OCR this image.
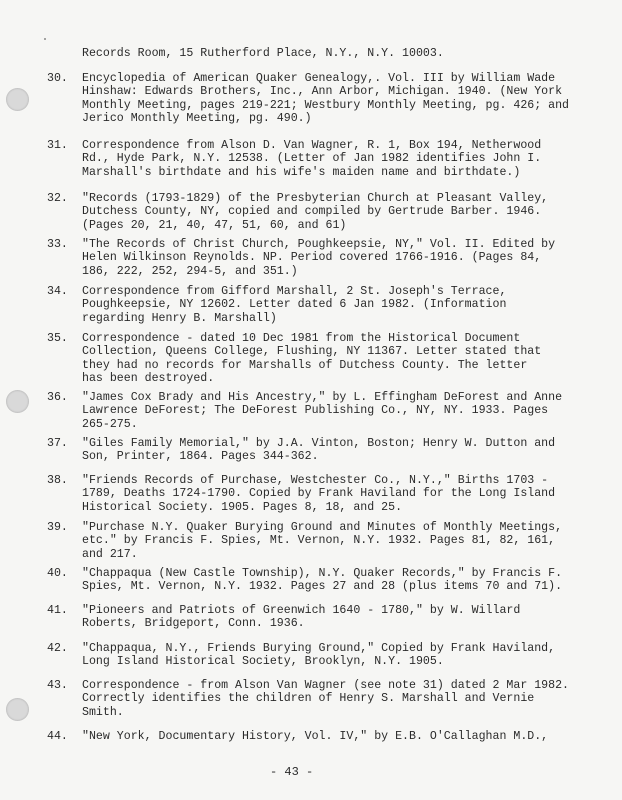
Records Room, 15 Rutherford Place, N.Y., N.Y. 10003.
30.	Encyclopedia of American Quaker Genealogy,. Vol. III by William Wade
Hinshaw: Edwards Brothers, Inc., Ann Arbor, Michigan. 1940. (New York
Monthly Meeting, pages 219-221; Westbury Monthly Meeting, pg. 426; and
Jerico Monthly Meeting, pg. 490.)
31.	Correspondence from Alson D. Van Wagner, R. 1, Box 194, Netherwood
Rd., Hyde Park, N.Y. 12538. (Letter of Jan 1982 identifies John I.
Marshall's birthdate and his wife's maiden name and birthdate.)
32.	"Records (1793-1829) of the Presbyterian Church at Pleasant Valley,
Dutchess County, NY, copied and compiled by Gertrude Barber. 1946.
(Pages 20, 21, 40, 47, 51, 60, and 61)
33.	"The Records of Christ Church, Poughkeepsie, NY," Vol. II. Edited by
Helen Wilkinson Reynolds. NP. Period covered 1766-1916. (Pages 84,
186, 222, 252, 294-5, and 351.)
34.	Correspondence from Gifford Marshall, 2 St. Joseph's Terrace,
Poughkeepsie, NY 12602. Letter dated 6 Jan 1982. (Information
regarding Henry B. Marshall)
35.	Correspondence - dated 10 Dec 1981 from the Historical Document
Collection, Queens College, Flushing, NY 11367. Letter stated that
they had no records for Marshalls of Dutchess County. The letter
has been destroyed.
36.	"James Cox Brady and His Ancestry," by L. Effingham DeForest and Anne
Lawrence DeForest; The DeForest Publishing Co., NY, NY. 1933. Pages
265-275.
37.	"Giles Family Memorial," by J.A. Vinton, Boston; Henry W. Dutton and
Son, Printer, 1864. Pages 344-362.
38.	"Friends Records of Purchase, Westchester Co., N.Y.," Births 1703 -
1789, Deaths 1724-1790. Copied by Frank Haviland for the Long Island
Historical Society. 1905. Pages 8, 18, and 25.
39.	"Purchase N.Y. Quaker Burying Ground and Minutes of Monthly Meetings,
etc." by Francis F. Spies, Mt. Vernon, N.Y. 1932. Pages 81, 82, 161,
and 217.
40.	"Chappaqua (New Castle Township), N.Y. Quaker Records," by Francis F.
Spies, Mt. Vernon, N.Y. 1932. Pages 27 and 28 (plus items 70 and 71).
41.	"Pioneers and Patriots of Greenwich 1640 - 1780," by W. Willard
Roberts, Bridgeport, Conn. 1936.
42.	"Chappaqua, N.Y., Friends Burying Ground," Copied by Frank Haviland,
Long Island Historical Society, Brooklyn, N.Y. 1905.
43.	Correspondence - from Alson Van Wagner (see note 31) dated 2 Mar 1982.
Correctly identifies the children of Henry S. Marshall and Vernie
Smith.
44.	"New York, Documentary History, Vol. IV," by E.B. O'Callaghan M.D.,
- 43 -
